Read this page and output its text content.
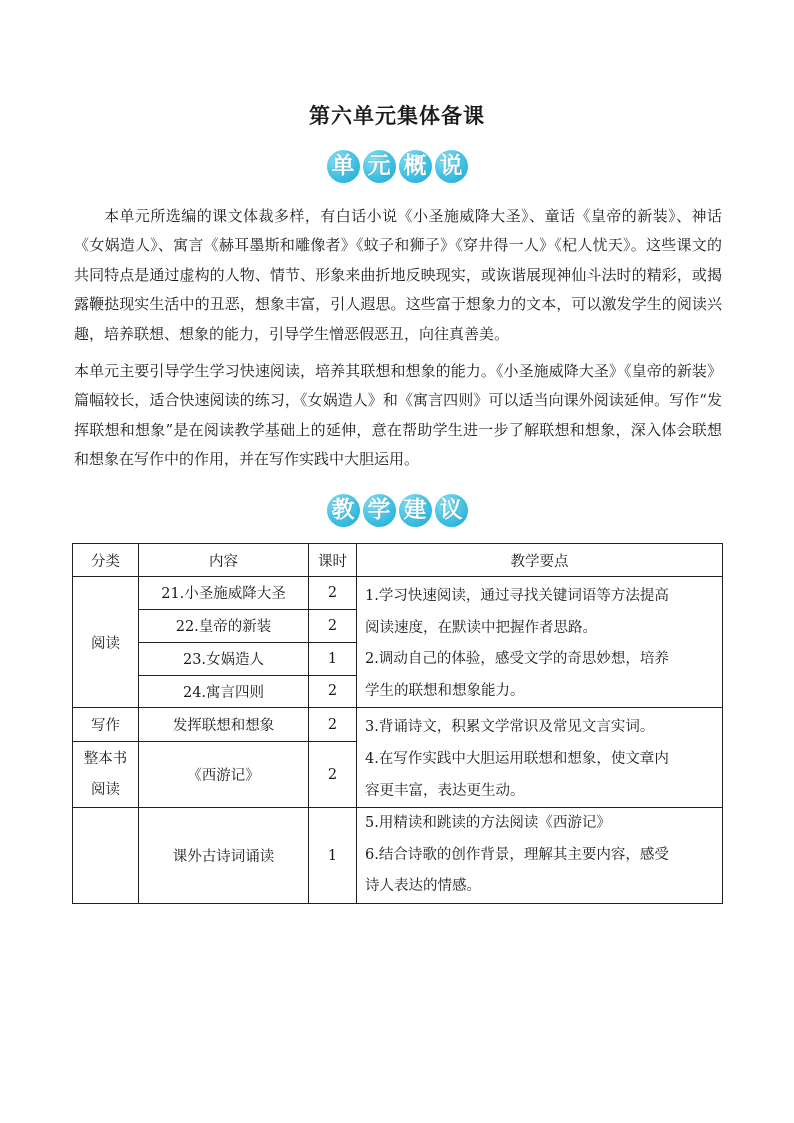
第六单元集体备课
单 元 概 说
本单元所选编的课文体裁多样，有白话小说《小圣施威降大圣》、童话《皇帝的新装》、神话《女娲造人》、寓言《赫耳墨斯和雕像者》《蚊子和狮子》《穿井得一人》《杞人忧天》。这些课文的共同特点是通过虚构的人物、情节、形象来曲折地反映现实，或诙谐展现神仙斗法时的精彩，或揭露鞭挞现实生活中的丑恶，想象丰富，引人遐思。这些富于想象力的文本，可以激发学生的阅读兴趣，培养联想、想象的能力，引导学生憎恶假恶丑，向往真善美。
本单元主要引导学生学习快速阅读，培养其联想和想象的能力。《小圣施威降大圣》《皇帝的新装》篇幅较长，适合快速阅读的练习，《女娲造人》和《寓言四则》可以适当向课外阅读延伸。写作“发挥联想和想象”是在阅读教学基础上的延伸，意在帮助学生进一步了解联想和想象，深入体会联想和想象在写作中的作用，并在写作实践中大胆运用。
教 学 建 议
分类	内容	课时	教学要点
阅读	21.小圣施威降大圣	2	1.学习快速阅读，通过寻找关键词语等方法提高
阅读速度，在默读中把握作者思路。
2.调动自己的体验，感受文学的奇思妙想，培养
学生的联想和想象能力。

	22.皇帝的新装	2	
	23.女娲造人	1	
	24.寓言四则	2	
写作	发挥联想和想象	2	3.背诵诗文，积累文学常识及常见文言实词。
4.在写作实践中大胆运用联想和想象，使文章内
容更丰富，表达更生动。

整本书
阅读	《西游记》	2	
	课外古诗词诵读	1	5.用精读和跳读的方法阅读《西游记》
6.结合诗歌的创作背景，理解其主要内容，感受
诗人表达的情感。
